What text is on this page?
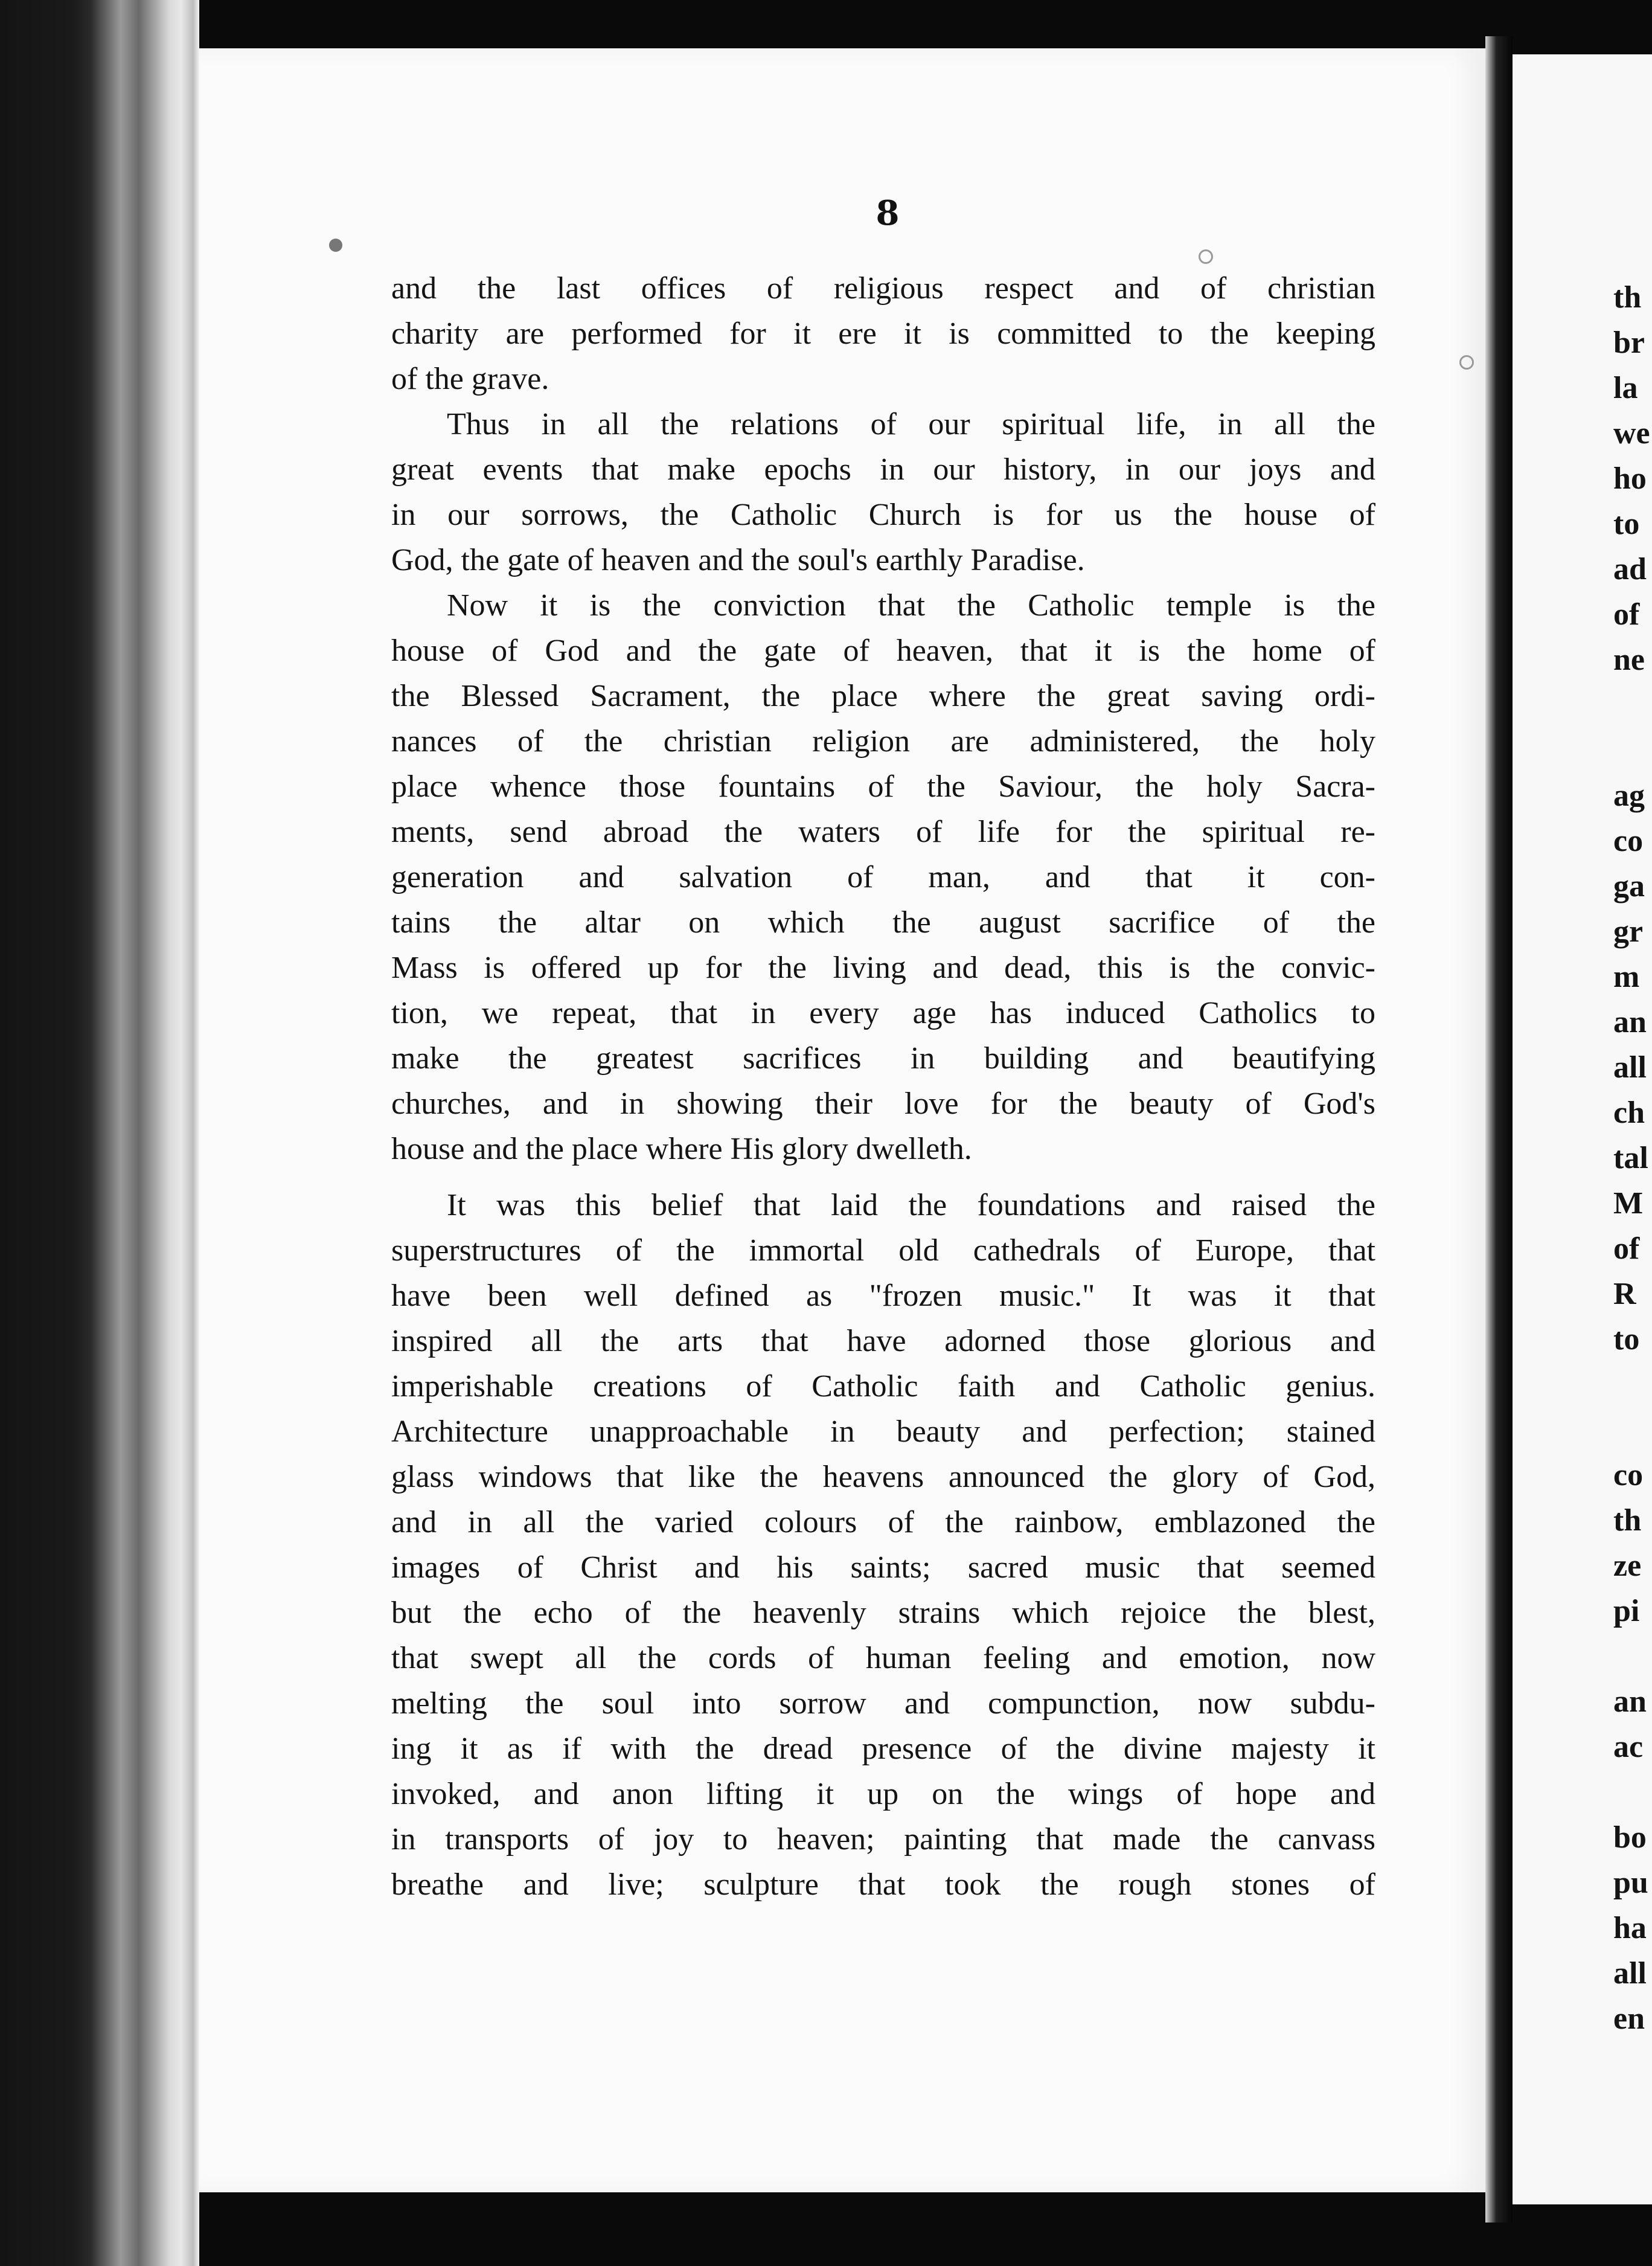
8
and the last offices of religious respect and of christian
charity are performed for it ere it is committed to the keeping
of the grave.
Thus in all the relations of our spiritual life, in all the
great events that make epochs in our history, in our joys and
in our sorrows, the Catholic Church is for us the house of
God, the gate of heaven and the soul's earthly Paradise.
Now it is the conviction that the Catholic temple is the
house of God and the gate of heaven, that it is the home of
the Blessed Sacrament, the place where the great saving ordi-
nances of the christian religion are administered, the holy
place whence those fountains of the Saviour, the holy Sacra-
ments, send abroad the waters of life for the spiritual re-
generation and salvation of man, and that it con-
tains the altar on which the august sacrifice of the
Mass is offered up for the living and dead, this is the convic-
tion, we repeat, that in every age has induced Catholics to
make the greatest sacrifices in building and beautifying
churches, and in showing their love for the beauty of God's
house and the place where His glory dwelleth.
It was this belief that laid the foundations and raised the
superstructures of the immortal old cathedrals of Europe, that
have been well defined as "frozen music." It was it that
inspired all the arts that have adorned those glorious and
imperishable creations of Catholic faith and Catholic genius.
Architecture unapproachable in beauty and perfection; stained
glass windows that like the heavens announced the glory of God,
and in all the varied colours of the rainbow, emblazoned the
images of Christ and his saints; sacred music that seemed
but the echo of the heavenly strains which rejoice the blest,
that swept all the cords of human feeling and emotion, now
melting the soul into sorrow and compunction, now subdu-
ing it as if with the dread presence of the divine majesty it
invoked, and anon lifting it up on the wings of hope and
in transports of joy to heaven; painting that made the canvass
breathe and live; sculpture that took the rough stones of
th
br
la
we
ho
to
ad
of
ne
ag
co
ga
gr
m
an
all
ch
tal
M
of
R
to
co
th
ze
pi
an
ac
bo
pu
ha
all
en
